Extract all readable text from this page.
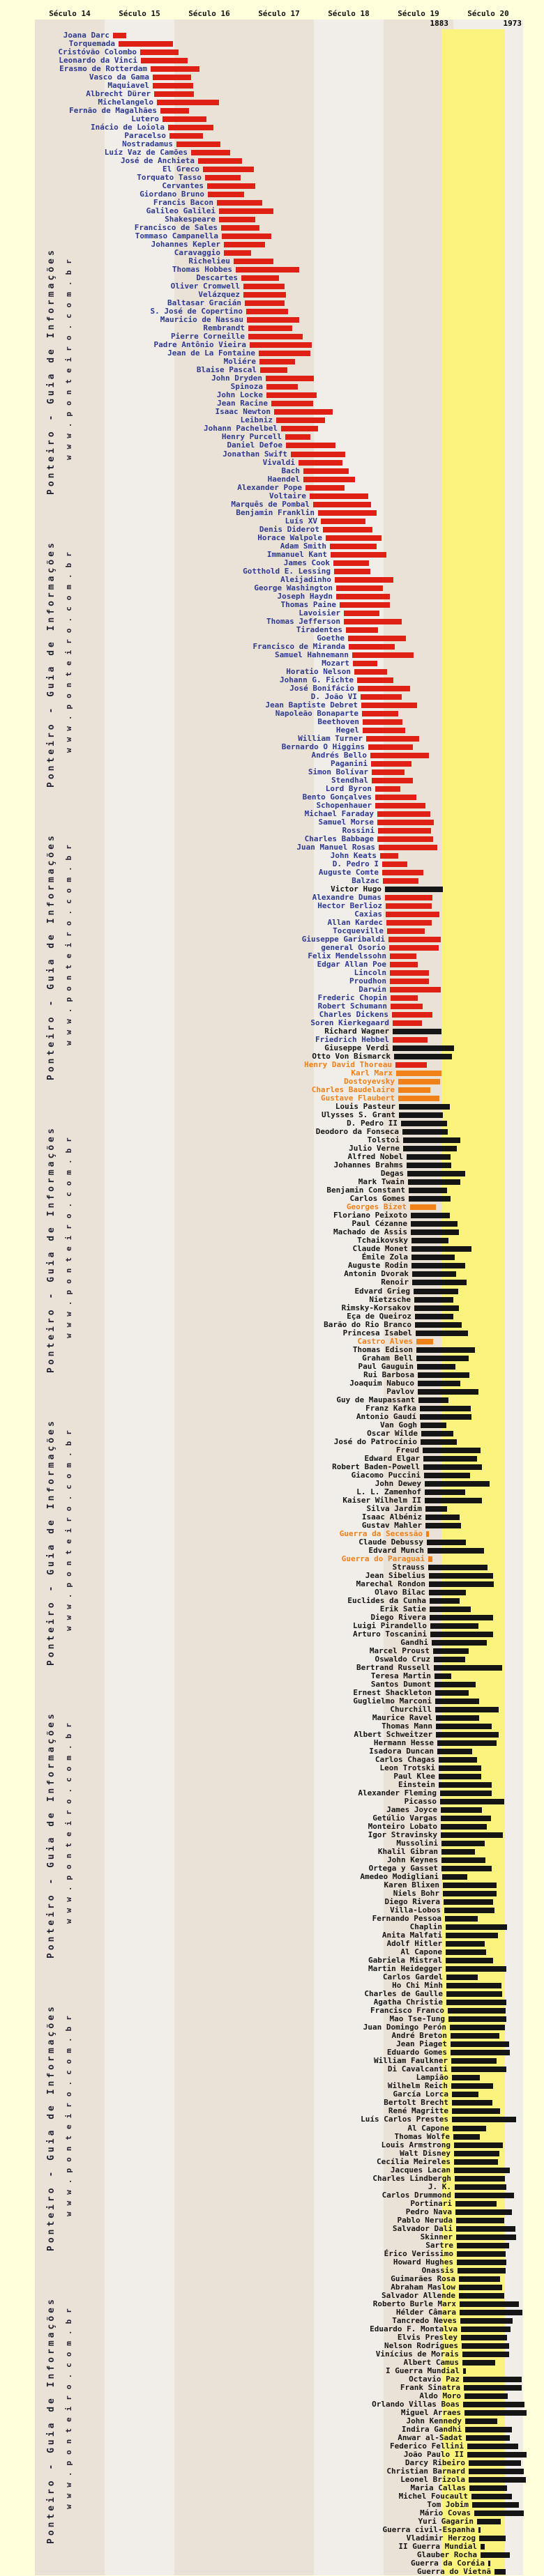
Século 14	Século 15	Século 16	Século 17	Século 18	Século 19	Século 20
1883	1973
Joana Darc
Torquemada
Cristóvão Colombo
Leonardo da Vinci
Erasmo de Rotterdam
Vasco da Gama
Maquiavel
Albrecht Dürer
Michelangelo
Fernão de Magalhães
Lutero
Inácio de Loiola
Paracelso
Nostradamus
Luíz Vaz de Camões
José de Anchieta
El Greco
Torquato Tasso
Cervantes
Giordano Bruno
Francis Bacon
Galileo Galilei
Shakespeare
Francisco de Sales
Tommaso Campanella
Johannes Kepler
Caravaggio
Richelieu
Thomas Hobbes
Descartes
Oliver Cromwell
Velázquez
Baltasar Gracián
S. José de Copertino
Mauricio de Nassau
Rembrandt
Pierre Corneille
Padre Antônio Vieira
Jean de La Fontaine
Moliére
Blaise Pascal
John Dryden
Spinoza
John Locke
Jean Racine
Isaac Newton
Leibniz
Johann Pachelbel
Henry Purcell
Daniel Defoe
Jonathan Swift
Vivaldi
Bach
Haendel
Alexander Pope
Voltaire
Marquês de Pombal
Benjamin Franklin
Luís XV
Denis Diderot
Horace Walpole
Adam Smith
Immanuel Kant
James Cook
Gotthold E. Lessing
Aleijadinho
George Washington
Joseph Haydn
Thomas Paine
Lavoisier
Thomas Jefferson
Tiradentes
Goethe
Francisco de Miranda
Samuel Hahnemann
Mozart
Horatio Nelson
Johann G. Fichte
José Bonifácio
D. João VI
Jean Baptiste Debret
Napoleão Bonaparte
Beethoven
Hegel
William Turner
Bernardo O Higgins
Andrés Bello
Paganini
Simon Bolívar
Stendhal
Lord Byron
Bento Gonçalves
Schopenhauer
Michael Faraday
Samuel Morse
Rossini
Charles Babbage
Juan Manuel Rosas
John Keats
D. Pedro I
Auguste Comte
Balzac
Victor Hugo
Alexandre Dumas
Hector Berlioz
Caxias
Allan Kardec
Tocqueville
Giuseppe Garibaldi
general Osorio
Felix Mendelssohn
Edgar Allan Poe
Lincoln
Proudhon
Darwin
Frederic Chopin
Robert Schumann
Charles Dickens
Soren Kierkegaard
Richard Wagner
Friedrich Hebbel
Giuseppe Verdi
Otto Von Bismarck
Henry David Thoreau
Karl Marx
Dostoyevsky
Charles Baudelaire
Gustave Flaubert
Louis Pasteur
Ulysses S. Grant
D. Pedro II
Deodoro da Fonseca
Tolstoi
Julio Verne
Alfred Nobel
Johannes Brahms
Degas
Mark Twain
Benjamin Constant
Carlos Gomes
Georges Bizet
Floriano Peixoto
Paul Cézanne
Machado de Assis
Tchaikovsky
Claude Monet
Émile Zola
Auguste Rodin
Antonin Dvorak
Renoir
Edvard Grieg
Nietzsche
Rimsky-Korsakov
Eça de Queiroz
Barão do Rio Branco
Princesa Isabel
Castro Alves
Thomas Edison
Graham Bell
Paul Gauguin
Rui Barbosa
Joaquim Nabuco
Pavlov
Guy de Maupassant
Franz Kafka
Antonio Gaudí
Van Gogh
Oscar Wilde
José do Patrocínio
Freud
Edward Elgar
Robert Baden-Powell
Giacomo Puccini
John Dewey
L. L. Zamenhof
Kaiser Wilhelm II
Silva Jardim
Isaac Albéniz
Gustav Mahler
Guerra da Secessão
Claude Debussy
Edvard Munch
Guerra do Paraguai
Strauss
Jean Sibelius
Marechal Rondon
Olavo Bilac
Euclides da Cunha
Erik Satie
Diego Rivera
Luigi Pirandello
Arturo Toscanini
Gandhi
Marcel Proust
Oswaldo Cruz
Bertrand Russell
Teresa Martin
Santos Dumont
Ernest Shackleton
Guglielmo Marconi
Churchill
Maurice Ravel
Thomas Mann
Albert Schweitzer
Hermann Hesse
Isadora Duncan
Carlos Chagas
Leon Trotski
Paul Klee
Einstein
Alexander Fleming
Picasso
James Joyce
Getúlio Vargas
Monteiro Lobato
Igor Stravinsky
Mussolini
Khalil Gibran
John Keynes
Ortega y Gasset
Amedeo Modigliani
Karen Blixen
Niels Bohr
Diego Rivera
Villa-Lobos
Fernando Pessoa
Chaplin
Anita Malfati
Adolf Hitler
Al Capone
Gabriela Mistral
Martin Heidegger
Carlos Gardel
Ho Chi Minh
Charles de Gaulle
Agatha Christie
Francisco Franco
Mao Tse-Tung
Juan Domingo Perón
André Breton
Jean Piaget
Eduardo Gomes
William Faulkner
Di Cavalcanti
Lampião
Wilhelm Reich
García Lorca
Bertolt Brecht
René Magritte
Luís Carlos Prestes
Al Capone
Thomas Wolfe
Louis Armstrong
Walt Disney
Cecília Meireles
Jacques Lacan
Charles Lindbergh
J. K.
Carlos Drummond
Portinari
Pedro Nava
Pablo Neruda
Salvador Dali
Skinner
Sartre
Érico Veríssimo
Howard Hughes
Onassis
Guimarães Rosa
Abraham Maslow
Salvador Allende
Roberto Burle Marx
Hélder Câmara
Tancredo Neves
Eduardo F. Montalva
Elvis Presley
Nelson Rodrigues
Vinícius de Morais
Albert Camus
I Guerra Mundial
Octavio Paz
Frank Sinatra
Aldo Moro
Orlando Villas Boas
Miguel Arraes
John Kennedy
Indira Gandhi
Anwar al-Sadat
Federico Fellini
João Paulo II
Darcy Ribeiro
Christian Barnard
Leonel Brizola
Maria Callas
Michel Foucault
Tom Jobim
Mário Covas
Yuri Gagarin
Guerra civil-Espanha
Vladimir Herzog
II Guerra Mundial
Glauber Rocha
Guerra da Coréia
Guerra do Vietnã
Ponteiro - Guia de Informações www.ponteiro.com.br
Ponteiro - Guia de Informações www.ponteiro.com.br
Ponteiro - Guia de Informações www.ponteiro.com.br
Ponteiro - Guia de Informações www.ponteiro.com.br
Ponteiro - Guia de Informações www.ponteiro.com.br
Ponteiro - Guia de Informações www.ponteiro.com.br
Ponteiro - Guia de Informações www.ponteiro.com.br
Ponteiro - Guia de Informações www.ponteiro.com.br
